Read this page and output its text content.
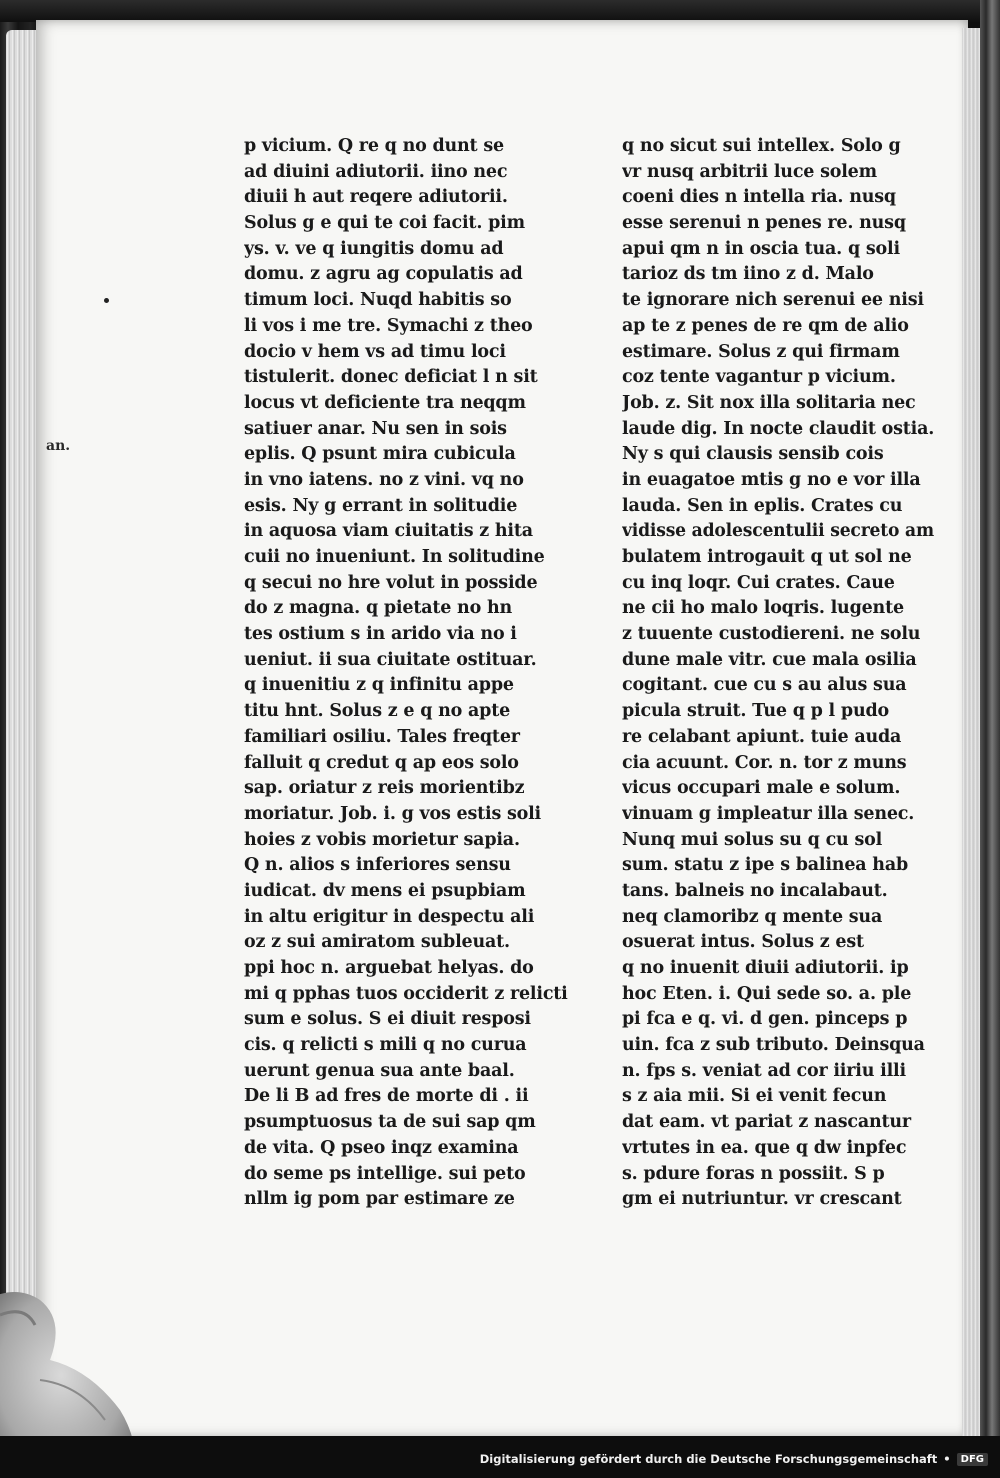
an.
p vicium. Q re q no dunt se
ad diuini adiutorii. iino nec
diuii h aut reqere adiutorii.
Solus g e qui te coi facit. pim
ys. v. ve q iungitis domu ad
domu. z agru ag copulatis ad
timum loci. Nuqd habitis so
li vos i me tre. Symachi z theo
docio v hem vs ad timu loci
tistulerit. donec deficiat l n sit
locus vt deficiente tra neqqm
satiuer anar. Nu sen in sois
eplis. Q psunt mira cubicula
in vno iatens. no z vini. vq no
esis. Ny g errant in solitudie
in aquosa viam ciuitatis z hita
cuii no inueniunt. In solitudine
q secui no hre volut in posside
do z magna. q pietate no hn
tes ostium s in arido via no i
ueniut. ii sua ciuitate ostituar.
q inuenitiu z q infinitu appe
titu hnt. Solus z e q no apte
familiari osiliu. Tales freqter
falluit q credut q ap eos solo
sap. oriatur z reis morientibz
moriatur. Job. i. g vos estis soli
hoies z vobis morietur sapia.
Q n. alios s inferiores sensu
iudicat. dv mens ei psupbiam
in altu erigitur in despectu ali
oz z sui amiratom subleuat.
ppi hoc n. arguebat helyas. do
mi q pphas tuos occiderit z relicti
sum e solus. S ei diuit resposi
cis. q relicti s mili q no curua
uerunt genua sua ante baal.
De li B ad fres de morte di . ii
psumptuosus ta de sui sap qm
de vita. Q pseo inqz examina
do seme ps intellige. sui peto
nllm ig pom par estimare ze
q no sicut sui intellex. Solo g
vr nusq arbitrii luce solem
coeni dies n intella ria. nusq
esse serenui n penes re. nusq
apui qm n in oscia tua. q soli
tarioz ds tm iino z d. Malo
te ignorare nich serenui ee nisi
ap te z penes de re qm de alio
estimare. Solus z qui firmam
coz tente vagantur p vicium.
Job. z. Sit nox illa solitaria nec
laude dig. In nocte claudit ostia.
Ny s qui clausis sensib cois
in euagatoe mtis g no e vor illa
lauda. Sen in eplis. Crates cu
vidisse adolescentulii secreto am
bulatem introgauit q ut sol ne
cu inq loqr. Cui crates. Caue
ne cii ho malo loqris. lugente
z tuuente custodiereni. ne solu
dune male vitr. cue mala osilia
cogitant. cue cu s au alus sua
picula struit. Tue q p l pudo
re celabant apiunt. tuie auda
cia acuunt. Cor. n. tor z muns
vicus occupari male e solum.
vinuam g impleatur illa senec.
Nunq mui solus su q cu sol
sum. statu z ipe s balinea hab
tans. balneis no incalabaut.
neq clamoribz q mente sua
osuerat intus. Solus z est
q no inuenit diuii adiutorii. ip
hoc Eten. i. Qui sede so. a. ple
pi fca e q. vi. d gen. pinceps p
uin. fca z sub tributo. Deinsqua
n. fps s. veniat ad cor iiriu illi
s z aia mii. Si ei venit fecun
dat eam. vt pariat z nascantur
vrtutes in ea. que q dw inpfec
s. pdure foras n possiit. S p
gm ei nutriuntur. vr crescant
Digitalisierung gefördert durch die Deutsche Forschungsgemeinschaft •	DFG
